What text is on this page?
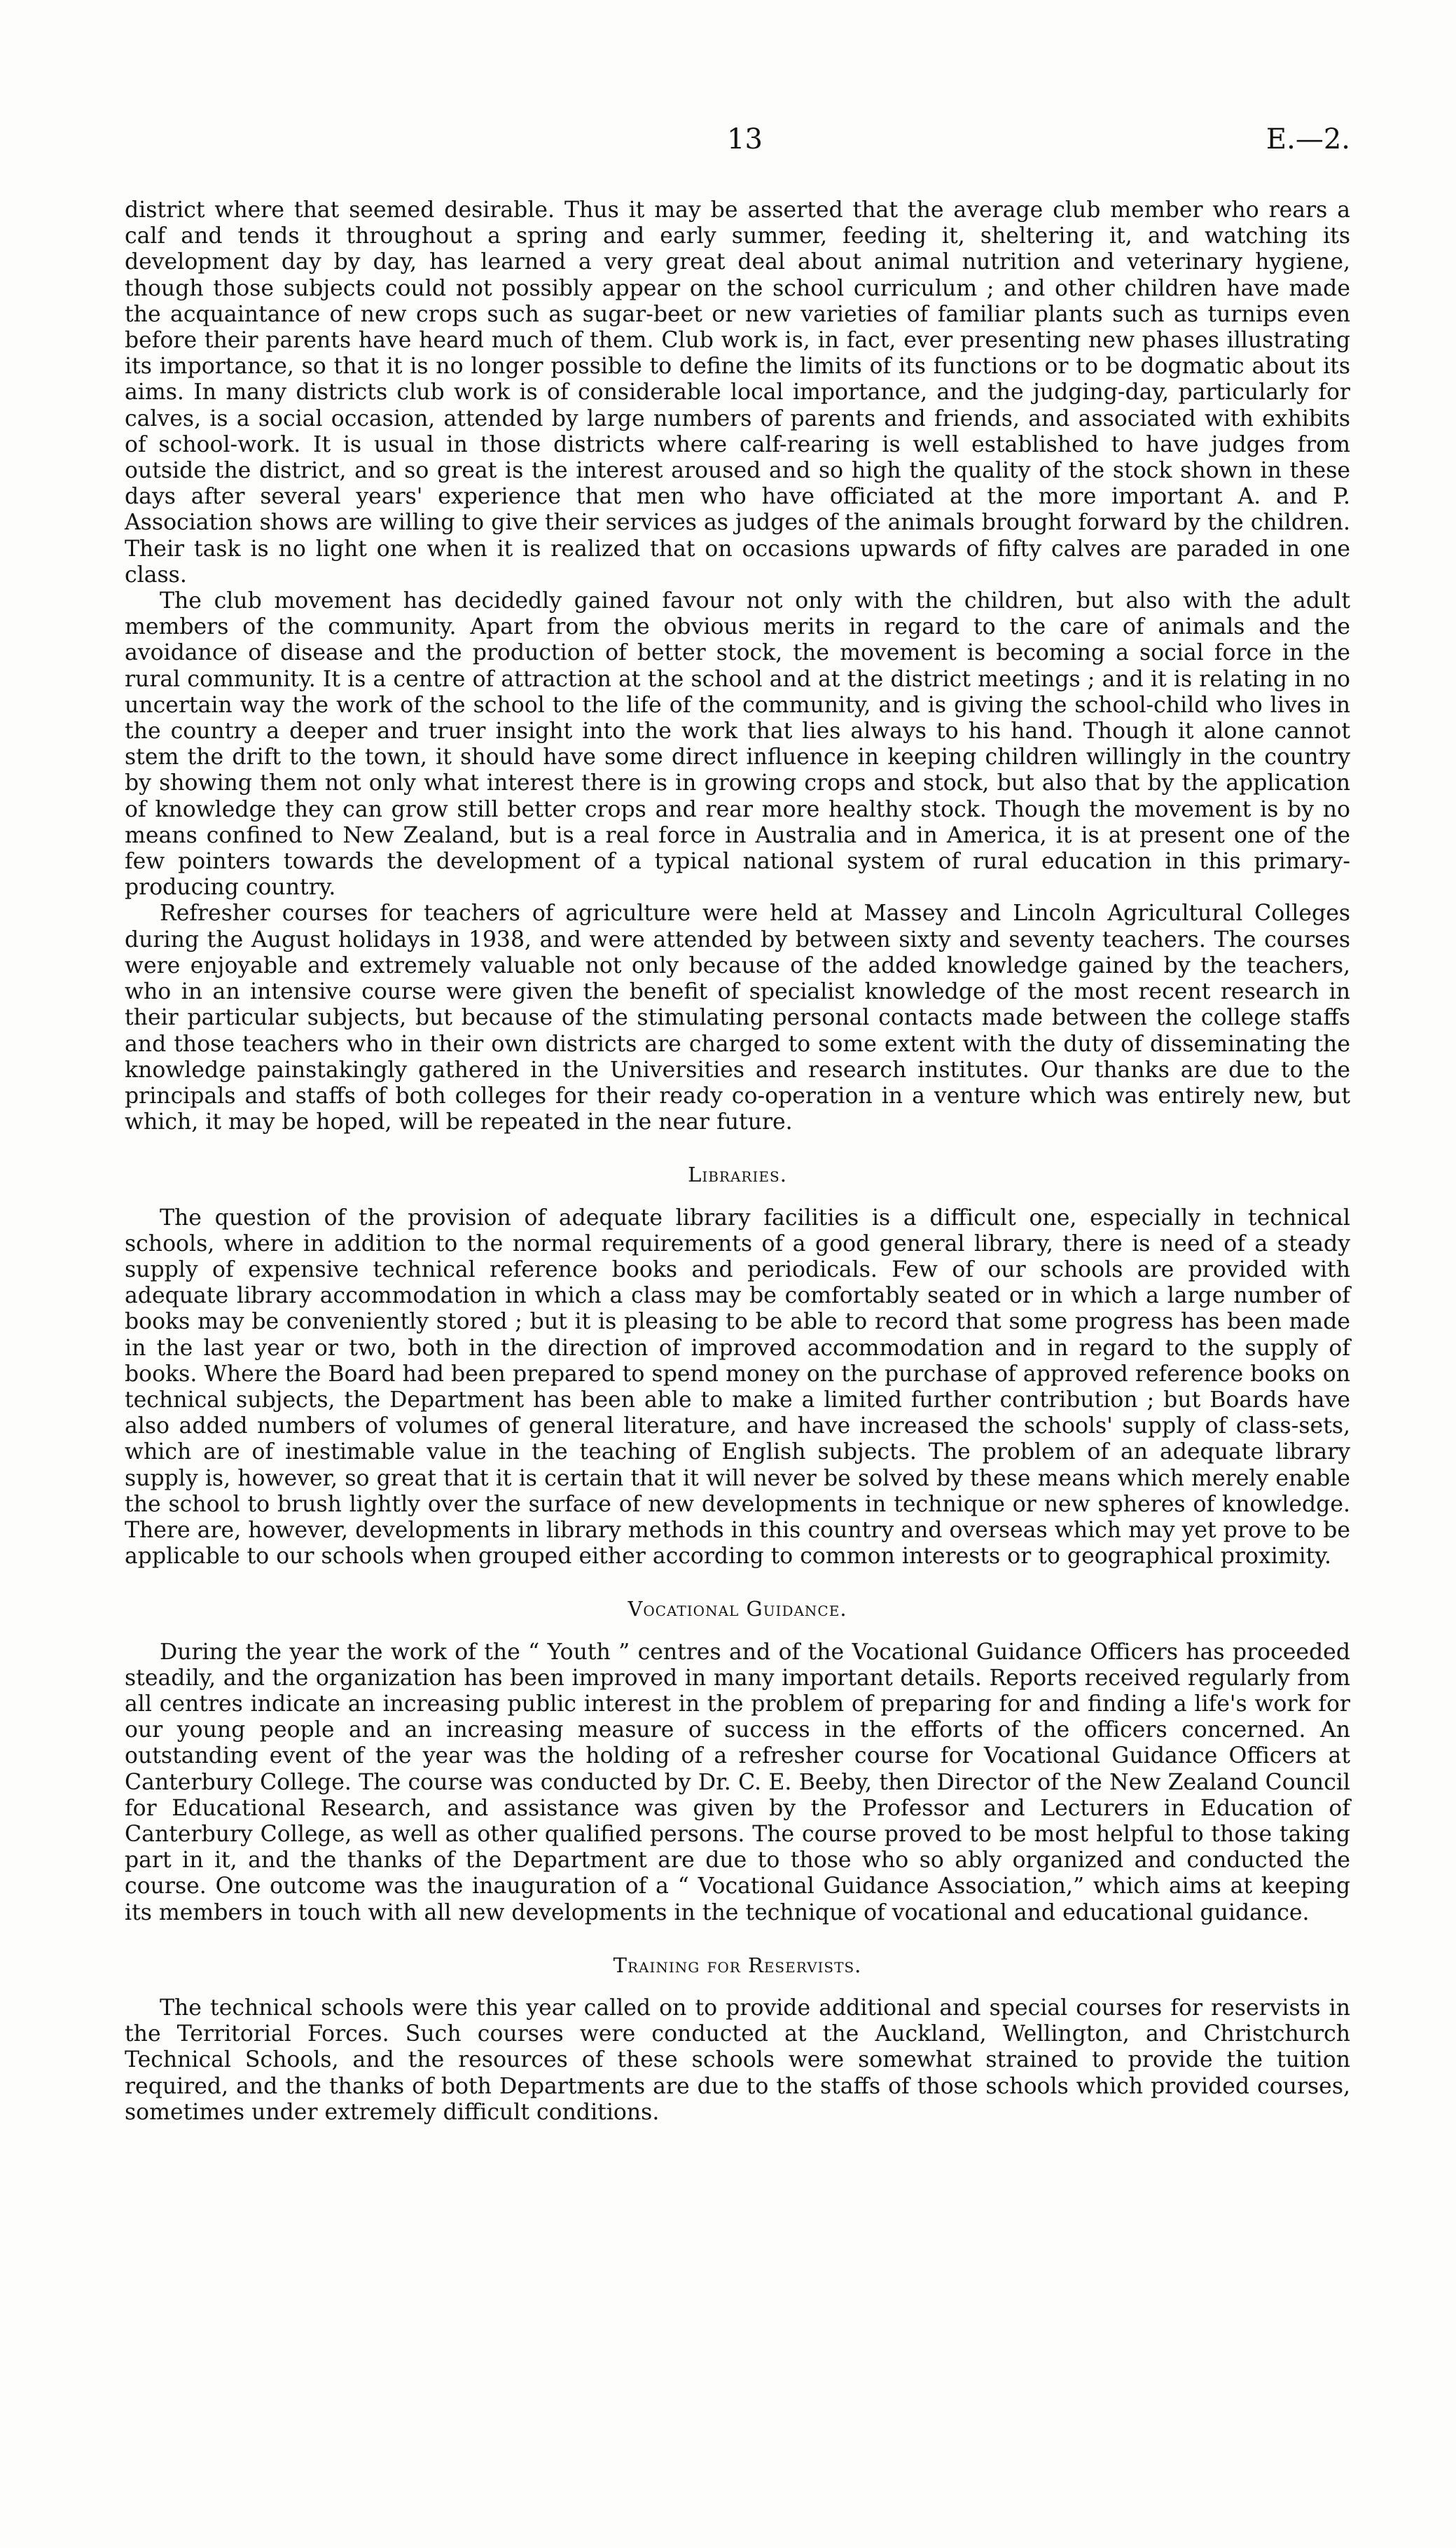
13	E.—2.

district where that seemed desirable. Thus it may be asserted that the average club member who rears a calf and tends it throughout a spring and early summer, feeding it, sheltering it, and watching its development day by day, has learned a very great deal about animal nutrition and veterinary hygiene, though those subjects could not possibly appear on the school curriculum ; and other children have made the acquaintance of new crops such as sugar-beet or new varieties of familiar plants such as turnips even before their parents have heard much of them. Club work is, in fact, ever presenting new phases illustrating its importance, so that it is no longer possible to define the limits of its functions or to be dogmatic about its aims. In many districts club work is of considerable local importance, and the judging-day, particularly for calves, is a social occasion, attended by large numbers of parents and friends, and associated with exhibits of school-work. It is usual in those districts where calf-rearing is well established to have judges from outside the district, and so great is the interest aroused and so high the quality of the stock shown in these days after several years' experience that men who have officiated at the more important A. and P. Association shows are willing to give their services as judges of the animals brought forward by the children. Their task is no light one when it is realized that on occasions upwards of fifty calves are paraded in one class.

The club movement has decidedly gained favour not only with the children, but also with the adult members of the community. Apart from the obvious merits in regard to the care of animals and the avoidance of disease and the production of better stock, the movement is becoming a social force in the rural community. It is a centre of attraction at the school and at the district meetings ; and it is relating in no uncertain way the work of the school to the life of the community, and is giving the school-child who lives in the country a deeper and truer insight into the work that lies always to his hand. Though it alone cannot stem the drift to the town, it should have some direct influence in keeping children willingly in the country by showing them not only what interest there is in growing crops and stock, but also that by the application of knowledge they can grow still better crops and rear more healthy stock. Though the movement is by no means confined to New Zealand, but is a real force in Australia and in America, it is at present one of the few pointers towards the development of a typical national system of rural education in this primary-producing country.

Refresher courses for teachers of agriculture were held at Massey and Lincoln Agricultural Colleges during the August holidays in 1938, and were attended by between sixty and seventy teachers. The courses were enjoyable and extremely valuable not only because of the added knowledge gained by the teachers, who in an intensive course were given the benefit of specialist knowledge of the most recent research in their particular subjects, but because of the stimulating personal contacts made between the college staffs and those teachers who in their own districts are charged to some extent with the duty of disseminating the knowledge painstakingly gathered in the Universities and research institutes. Our thanks are due to the principals and staffs of both colleges for their ready co-operation in a venture which was entirely new, but which, it may be hoped, will be repeated in the near future.

Libraries.

The question of the provision of adequate library facilities is a difficult one, especially in technical schools, where in addition to the normal requirements of a good general library, there is need of a steady supply of expensive technical reference books and periodicals. Few of our schools are provided with adequate library accommodation in which a class may be comfortably seated or in which a large number of books may be conveniently stored ; but it is pleasing to be able to record that some progress has been made in the last year or two, both in the direction of improved accommodation and in regard to the supply of books. Where the Board had been prepared to spend money on the purchase of approved reference books on technical subjects, the Department has been able to make a limited further contribution ; but Boards have also added numbers of volumes of general literature, and have increased the schools' supply of class-sets, which are of inestimable value in the teaching of English subjects. The problem of an adequate library supply is, however, so great that it is certain that it will never be solved by these means which merely enable the school to brush lightly over the surface of new developments in technique or new spheres of knowledge. There are, however, developments in library methods in this country and overseas which may yet prove to be applicable to our schools when grouped either according to common interests or to geographical proximity.

Vocational Guidance.

During the year the work of the “ Youth ” centres and of the Vocational Guidance Officers has proceeded steadily, and the organization has been improved in many important details. Reports received regularly from all centres indicate an increasing public interest in the problem of preparing for and finding a life's work for our young people and an increasing measure of success in the efforts of the officers concerned. An outstanding event of the year was the holding of a refresher course for Vocational Guidance Officers at Canterbury College. The course was conducted by Dr. C. E. Beeby, then Director of the New Zealand Council for Educational Research, and assistance was given by the Professor and Lecturers in Education of Canterbury College, as well as other qualified persons. The course proved to be most helpful to those taking part in it, and the thanks of the Department are due to those who so ably organized and conducted the course. One outcome was the inauguration of a “ Vocational Guidance Association,” which aims at keeping its members in touch with all new developments in the technique of vocational and educational guidance.

Training for Reservists.

The technical schools were this year called on to provide additional and special courses for reservists in the Territorial Forces. Such courses were conducted at the Auckland, Wellington, and Christchurch Technical Schools, and the resources of these schools were somewhat strained to provide the tuition required, and the thanks of both Departments are due to the staffs of those schools which provided courses, sometimes under extremely difficult conditions.
